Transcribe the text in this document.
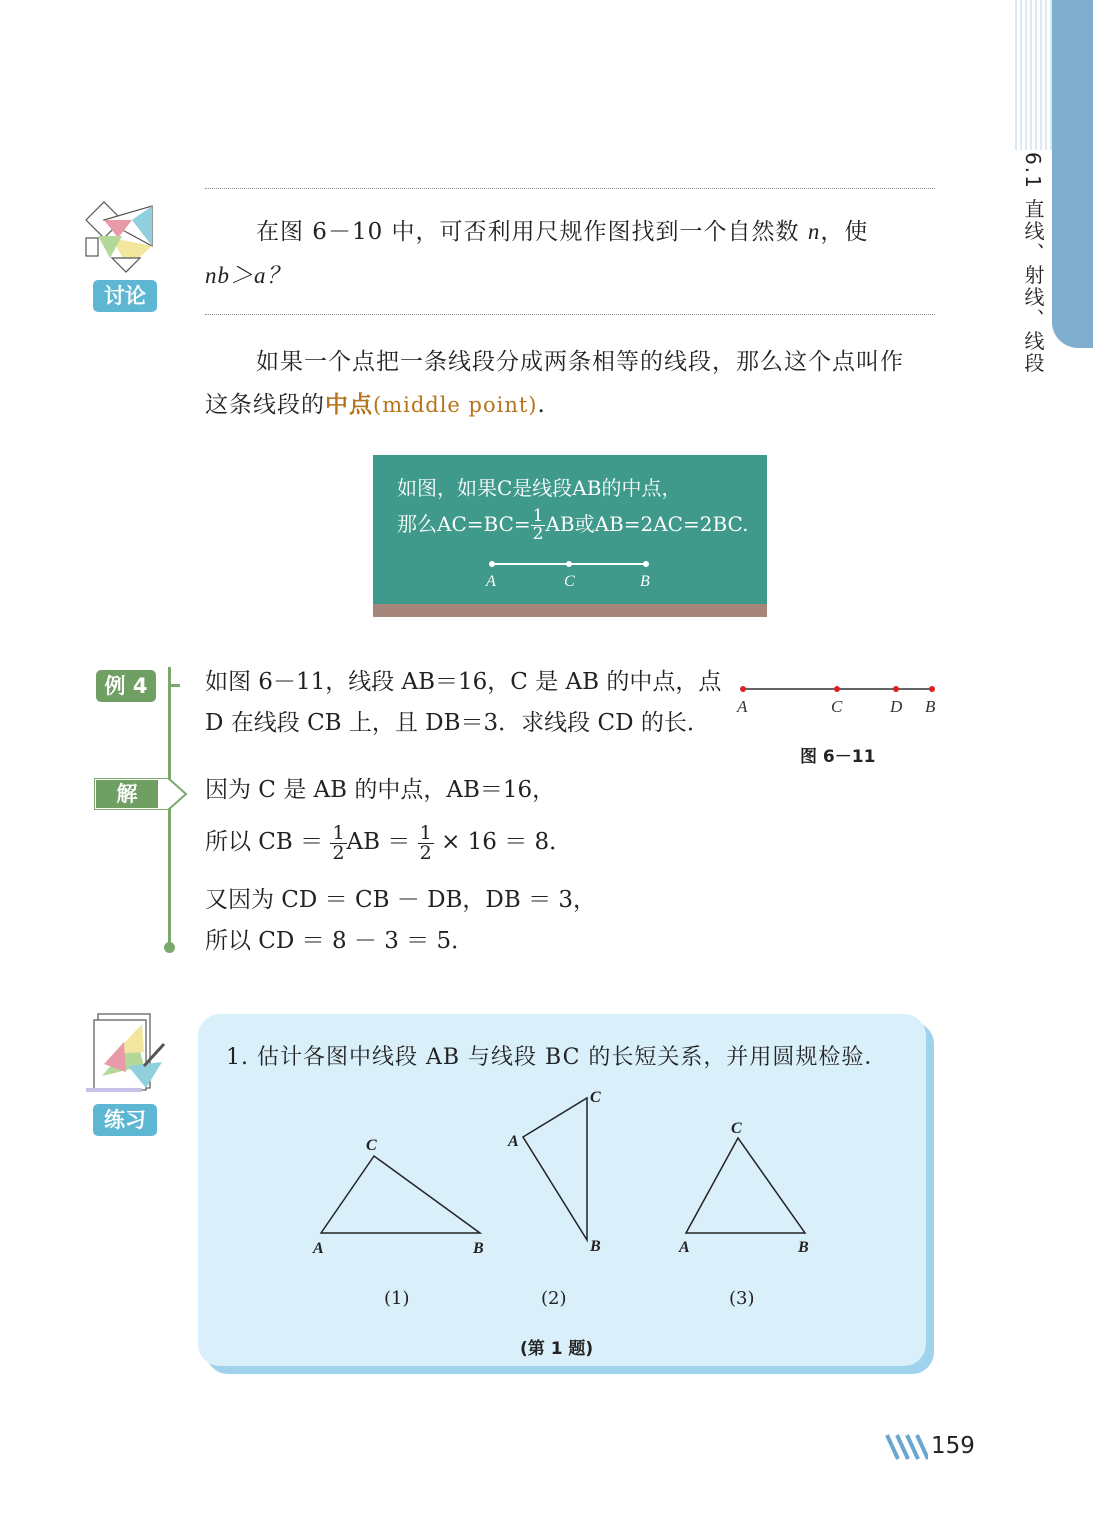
6.1 直线、射线、线段
讨论
在图 6－10 中，可否利用尺规作图找到一个自然数 n，使
nb＞a？
如果一个点把一条线段分成两条相等的线段，那么这个点叫作
这条线段的中点(middle point).
如图，如果C是线段AB的中点，
那么$AC=BC= \frac{1}{2}$ AB或AB=2AC=2BC.
A	C	B
例 4	如图 6－11，线段 AB＝16，C 是 AB 的中点，点
D 在线段 CB 上，且 DB＝3．求线段 CD 的长．
A	C	D B
图 6－11
解	因为 C 是 AB 的中点，AB＝16，
所以 CB ＝ $\frac{1}{2}$ AB ＝ $\frac{1}{2} \times 16 = 8$．
又因为 CD ＝ CB － DB，DB ＝ 3，
所以 CD ＝ 8 － 3 ＝ 5．
练习
1. 估计各图中线段 AB 与线段 BC 的长短关系，并用圆规检验．
A	B
C	A
B
C
A	B
C
(1)	(2)	(3)
(第 1 题)
159
